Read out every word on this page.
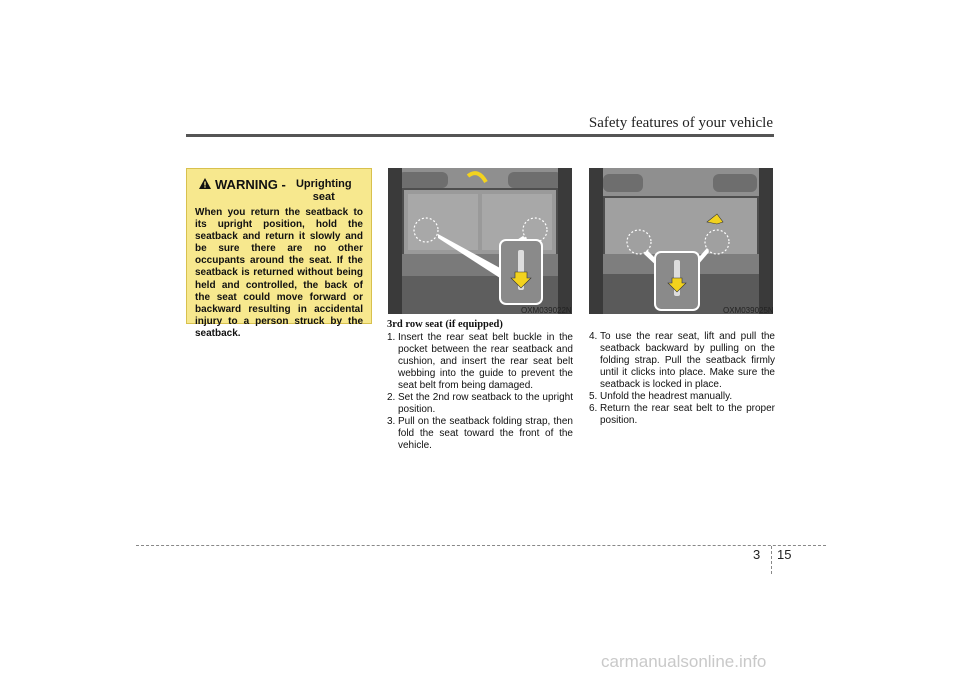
Safety features of your vehicle
WARNING - Uprighting seat
When you return the seatback to its upright position, hold the seatback and return it slowly and be sure there are no other occupants around the seat. If the seatback is returned without being held and controlled, the back of the seat could move forward or backward resulting in accidental injury to a person struck by the seatback.
OXM039022N	OXM039025N
3rd row seat (if equipped)
1. Insert the rear seat belt buckle in the pocket between the rear seatback and cushion, and insert the rear seat belt webbing into the guide to prevent the seat belt from being damaged.
2. Set the 2nd row seatback to the upright position.
3. Pull on the seatback folding strap, then fold the seat toward the front of the vehicle.
4. To use the rear seat, lift and pull the seatback backward by pulling on the folding strap. Pull the seatback firmly until it clicks into place. Make sure the seatback is locked in place.
5. Unfold the headrest manually.
6. Return the rear seat belt to the proper position.
3 15
carmanualsonline.info
